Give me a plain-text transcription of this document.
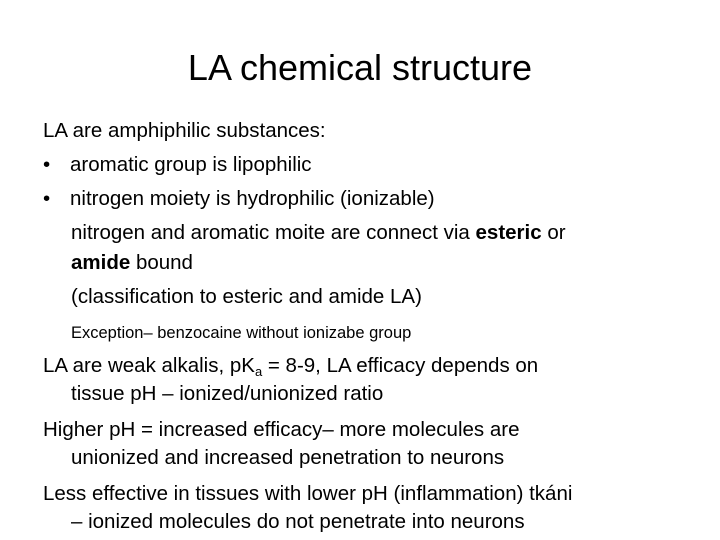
LA chemical structure
LA are amphiphilic substances:
• aromatic group is lipophilic
• nitrogen moiety is hydrophilic (ionizable)
nitrogen and aromatic moite are connect via esteric or
amide bound
(classification to esteric and amide LA)
Exception– benzocaine without ionizabe group
LA are weak alkalis, $pK_a = 8-9$, LA efficacy depends on
tissue pH – ionized/unionized ratio
Higher pH = increased efficacy– more molecules are
unionized and increased penetration to neurons
Less effective in tissues with lower pH (inflammation) tkáni
– ionized molecules do not penetrate into neurons
